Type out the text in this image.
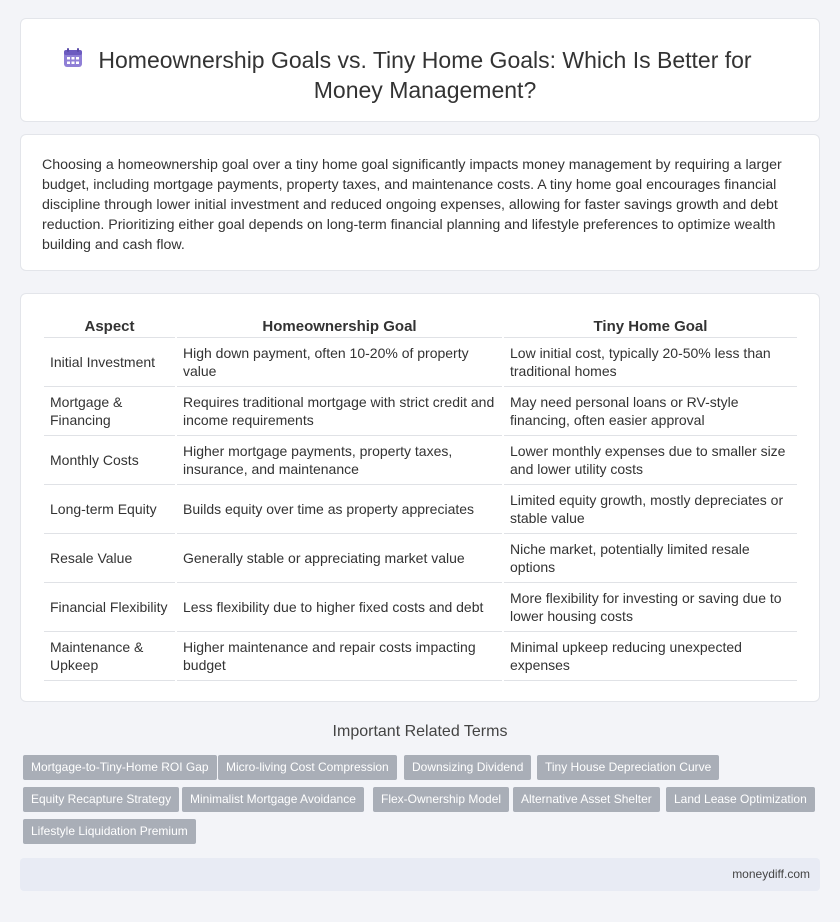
Homeownership Goals vs. Tiny Home Goals: Which Is Better for Money Management?

Choosing a homeownership goal over a tiny home goal significantly impacts money management by requiring a larger budget, including mortgage payments, property taxes, and maintenance costs. A tiny home goal encourages financial discipline through lower initial investment and reduced ongoing expenses, allowing for faster savings growth and debt reduction. Prioritizing either goal depends on long-term financial planning and lifestyle preferences to optimize wealth building and cash flow.

Aspect	Homeownership Goal	Tiny Home Goal
Initial Investment	High down payment, often 10-20% of property value	Low initial cost, typically 20-50% less than traditional homes
Mortgage & Financing	Requires traditional mortgage with strict credit and income requirements	May need personal loans or RV-style financing, often easier approval
Monthly Costs	Higher mortgage payments, property taxes, insurance, and maintenance	Lower monthly expenses due to smaller size and lower utility costs
Long-term Equity	Builds equity over time as property appreciates	Limited equity growth, mostly depreciates or stable value
Resale Value	Generally stable or appreciating market value	Niche market, potentially limited resale options
Financial Flexibility	Less flexibility due to higher fixed costs and debt	More flexibility for investing or saving due to lower housing costs
Maintenance & Upkeep	Higher maintenance and repair costs impacting budget	Minimal upkeep reducing unexpected expenses
Important Related Terms
Mortgage-to-Tiny-Home ROI Gap	Micro-living Cost Compression	Downsizing Dividend	Tiny House Depreciation Curve
Equity Recapture Strategy	Minimalist Mortgage Avoidance	Flex-Ownership Model	Alternative Asset Shelter	Land Lease Optimization
Lifestyle Liquidation Premium
moneydiff.com
